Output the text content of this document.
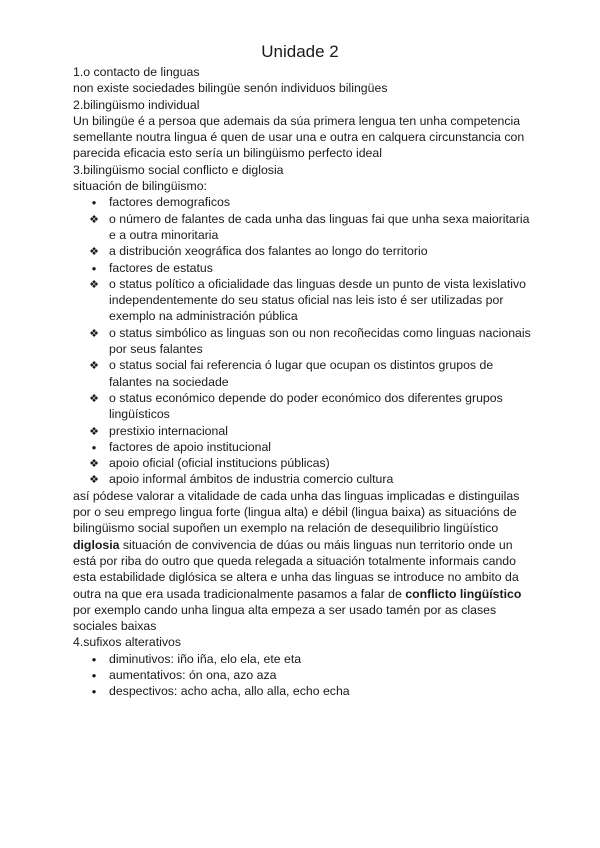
Unidade 2
1.o contacto de linguas
non existe sociedades bilingüe senón individuos bilingües
2.bilingüismo individual
Un bilingüe é a persoa que ademais da súa primera lengua ten unha competencia
semellante noutra lingua é quen de usar una e outra en calquera circunstancia con
parecida eficacia esto sería un bilingüismo perfecto ideal
3.bilingüismo social conflicto e diglosia
situación de bilingüismo:
●
factores demograficos
❖
o número de falantes de cada unha das linguas fai que unha sexa maioritaria
e a outra minoritaria
❖
a distribución xeográfica dos falantes ao longo do territorio
●
factores de estatus
❖
o status político a oficialidade das linguas desde un punto de vista lexislativo
independentemente do seu status oficial nas leis isto é ser utilizadas por
exemplo na administración pública
❖
o status simbólico as linguas son ou non recoñecidas como linguas nacionais
por seus falantes
❖
o status social fai referencia ó lugar que ocupan os distintos grupos de
falantes na sociedade
❖
o status económico depende do poder económico dos diferentes grupos
lingüísticos
❖
prestixio internacional
●
factores de apoio institucional
❖
apoio oficial (oficial institucions públicas)
❖
apoio informal ámbitos de industria comercio cultura
así pódese valorar a vitalidade de cada unha das linguas implicadas e distinguilas
por o seu emprego lingua forte (lingua alta) e débil (lingua baixa) as situacións de
bilingüismo social supoñen un exemplo na relación de desequilibrio lingüístico
diglosia situación de convivencia de dúas ou máis linguas nun territorio onde un
está por riba do outro que queda relegada a situación totalmente informais cando
esta estabilidade diglósica se altera e unha das linguas se introduce no ambito da
outra na que era usada tradicionalmente pasamos a falar de conflicto lingüístico
por exemplo cando unha lingua alta empeza a ser usado tamén por as clases
sociales baixas
4.sufixos alterativos
●
diminutivos: iño iña, elo ela, ete eta
●
aumentativos: ón ona, azo aza
●
despectivos: acho acha, allo alla, echo echa
